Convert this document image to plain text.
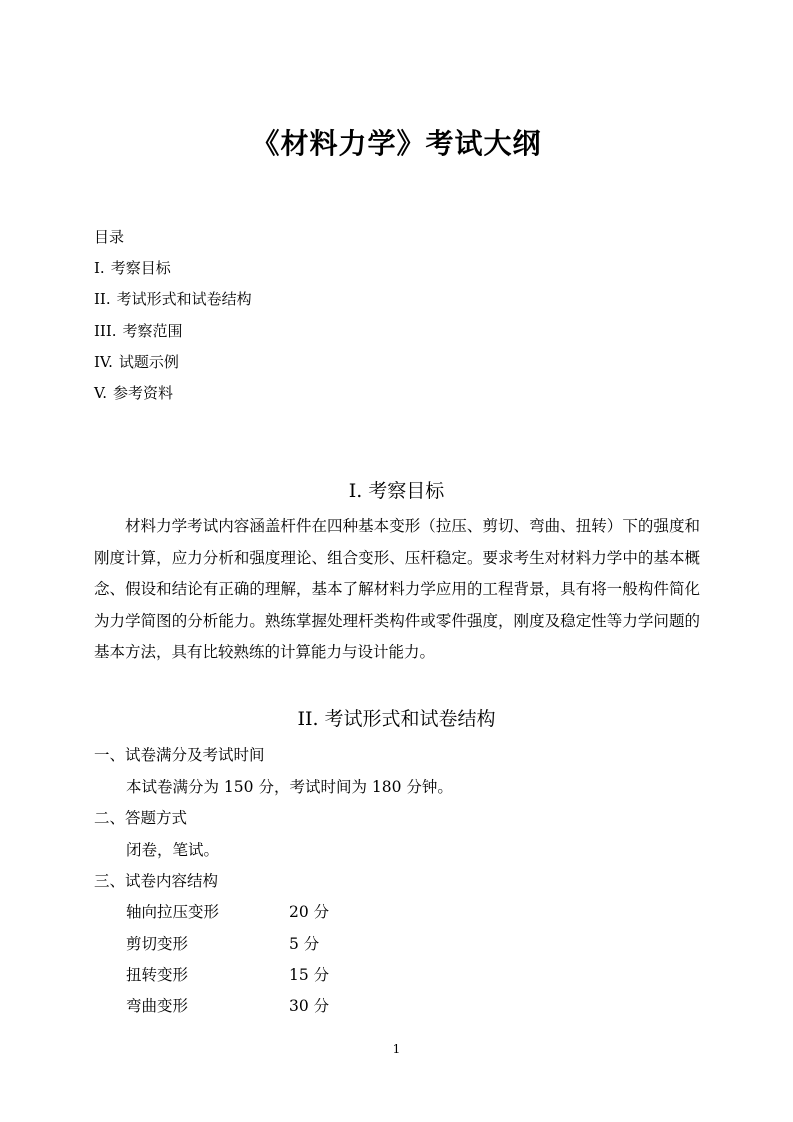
《材料力学》考试大纲
目录
I. 考察目标
II. 考试形式和试卷结构
III. 考察范围
IV. 试题示例
V. 参考资料
I. 考察目标

材料力学考试内容涵盖杆件在四种基本变形（拉压、剪切、弯曲、扭转）下的强度和刚度计算，应力分析和强度理论、组合变形、压杆稳定。要求考生对材料力学中的基本概念、假设和结论有正确的理解，基本了解材料力学应用的工程背景，具有将一般构件简化为力学简图的分析能力。熟练掌握处理杆类构件或零件强度，刚度及稳定性等力学问题的基本方法，具有比较熟练的计算能力与设计能力。

II. 考试形式和试卷结构
一、试卷满分及考试时间
本试卷满分为 150 分，考试时间为 180 分钟。
二、答题方式
闭卷，笔试。
三、试卷内容结构
轴向拉压变形	20 分
剪切变形	5 分
扭转变形	15 分
弯曲变形	30 分
1
